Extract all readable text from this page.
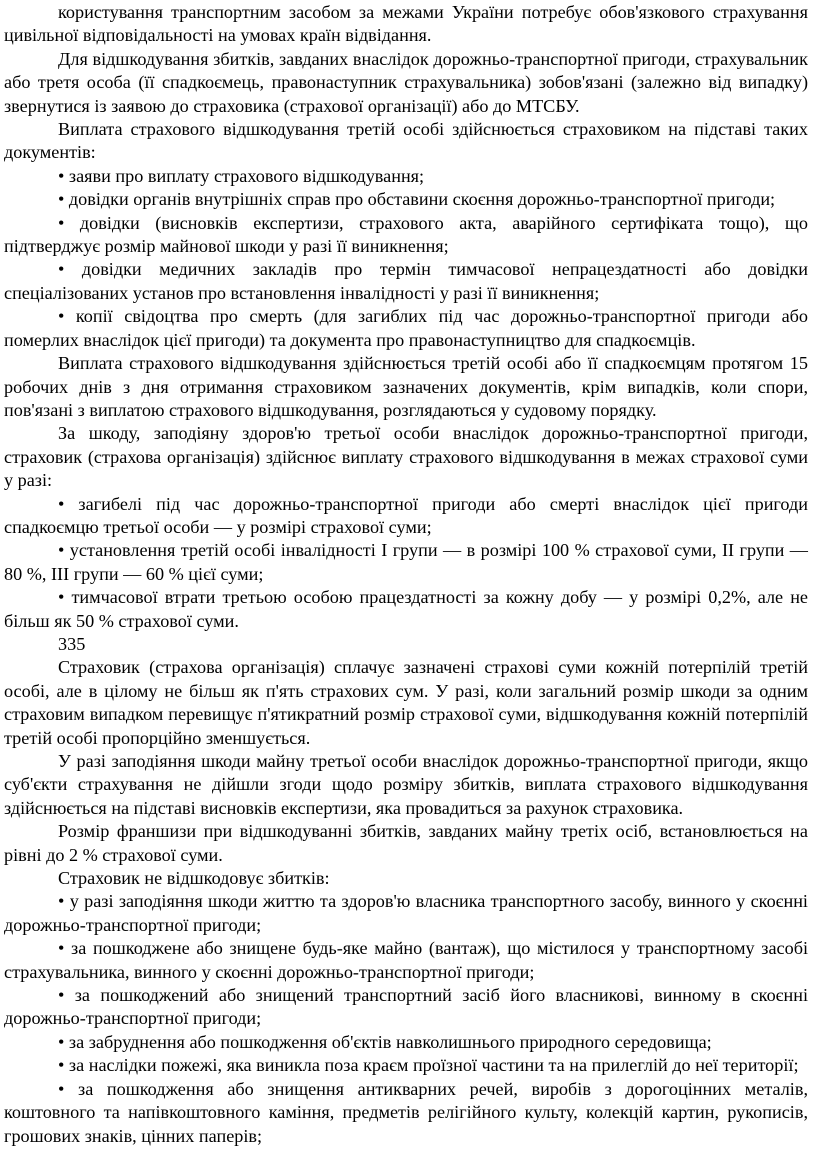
користування транспортним засобом за межами України потребує обов'язкового страхування цивільної відповідальності на умовах країн відвідання.

Для відшкодування збитків, завданих внаслідок дорожньо-транспортної пригоди, страхувальник або третя особа (її спадкоємець, правонаступник страхувальника) зобов'язані (залежно від випадку) звернутися із заявою до страховика (страхової організації) або до МТСБУ.

Виплата страхового відшкодування третій особі здійснюється страховиком на підставі таких документів:

• заяви про виплату страхового відшкодування;

• довідки органів внутрішніх справ про обставини скоєння дорожньо-транспортної пригоди;

• довідки (висновків експертизи, страхового акта, аварійного сертифіката тощо), що підтверджує розмір майнової шкоди у разі її виникнення;

• довідки медичних закладів про термін тимчасової непрацездатності або довідки спеціалізованих установ про встановлення інвалідності у разі її виникнення;

• копії свідоцтва про смерть (для загиблих під час дорожньо-транспортної пригоди або померлих внаслідок цієї пригоди) та документа про правонаступництво для спадкоємців.

Виплата страхового відшкодування здійснюється третій особі або її спадкоємцям протягом 15 робочих днів з дня отримання страховиком зазначених документів, крім випадків, коли спори, пов'язані з виплатою страхового відшкодування, розглядаються у судовому порядку.

За шкоду, заподіяну здоров'ю третьої особи внаслідок дорожньо-транспортної пригоди, страховик (страхова організація) здійснює виплату страхового відшкодування в межах страхової суми у разі:

• загибелі під час дорожньо-транспортної пригоди або смерті внаслідок цієї пригоди спадкоємцю третьої особи — у розмірі страхової суми;

• установлення третій особі інвалідності І групи — в розмірі 100 % страхової суми, II групи — 80 %, III групи — 60 % цієї суми;

• тимчасової втрати третьою особою працездатності за кожну добу — у розмірі 0,2%, але не більш як 50 % страхової суми.

335

Страховик (страхова організація) сплачує зазначені страхові суми кожній потерпілій третій особі, але в цілому не більш як п'ять страхових сум. У разі, коли загальний розмір шкоди за одним страховим випадком перевищує п'ятикратний розмір страхової суми, відшкодування кожній потерпілій третій особі пропорційно зменшується.

У разі заподіяння шкоди майну третьої особи внаслідок дорожньо-транспортної пригоди, якщо суб'єкти страхування не дійшли згоди щодо розміру збитків, виплата страхового відшкодування здійснюється на підставі висновків експертизи, яка провадиться за рахунок страховика.

Розмір франшизи при відшкодуванні збитків, завданих майну третіх осіб, встановлюється на рівні до 2 % страхової суми.

Страховик не відшкодовує збитків:

• у разі заподіяння шкоди життю та здоров'ю власника транспортного засобу, винного у скоєнні дорожньо-транспортної пригоди;

• за пошкоджене або знищене будь-яке майно (вантаж), що містилося у транспортному засобі страхувальника, винного у скоєнні дорожньо-транспортної пригоди;

• за пошкоджений або знищений транспортний засіб його власникові, винному в скоєнні дорожньо-транспортної пригоди;

• за забруднення або пошкодження об'єктів навколишнього природного середовища;

• за наслідки пожежі, яка виникла поза краєм проїзної частини та на прилеглій до неї території;

• за пошкодження або знищення антикварних речей, виробів з дорогоцінних металів, коштовного та напівкоштовного каміння, предметів релігійного культу, колекцій картин, рукописів, грошових знаків, цінних паперів;
